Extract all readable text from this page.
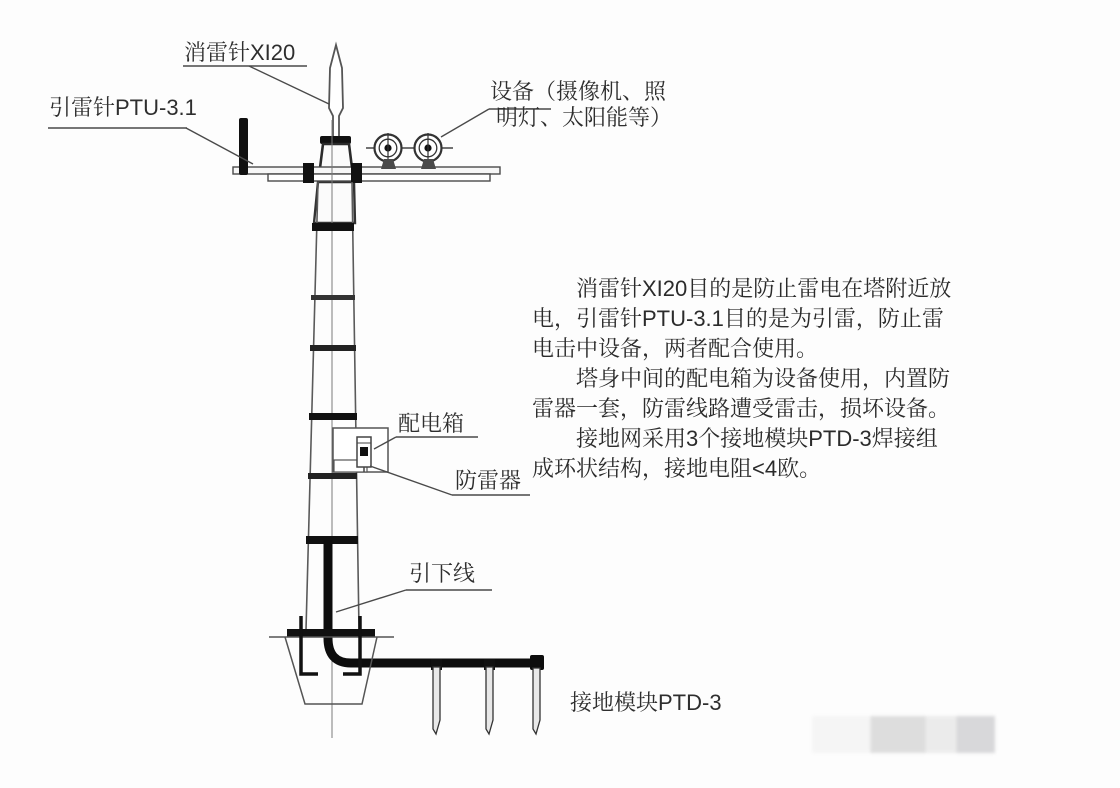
消雷针XI20
引雷针PTU-3.1
设备（摄像机、照
明灯、太阳能等）
配电箱
防雷器
引下线
接地模块PTD-3

消雷针XI20目的是防止雷电在塔附近放电，引雷针PTU-3.1目的是为引雷，防止雷电击中设备，两者配合使用。

塔身中间的配电箱为设备使用，内置防雷器一套，防雷线路遭受雷击，损坏设备。

接地网采用3个接地模块PTD-3焊接组成环状结构，接地电阻<4欧。
